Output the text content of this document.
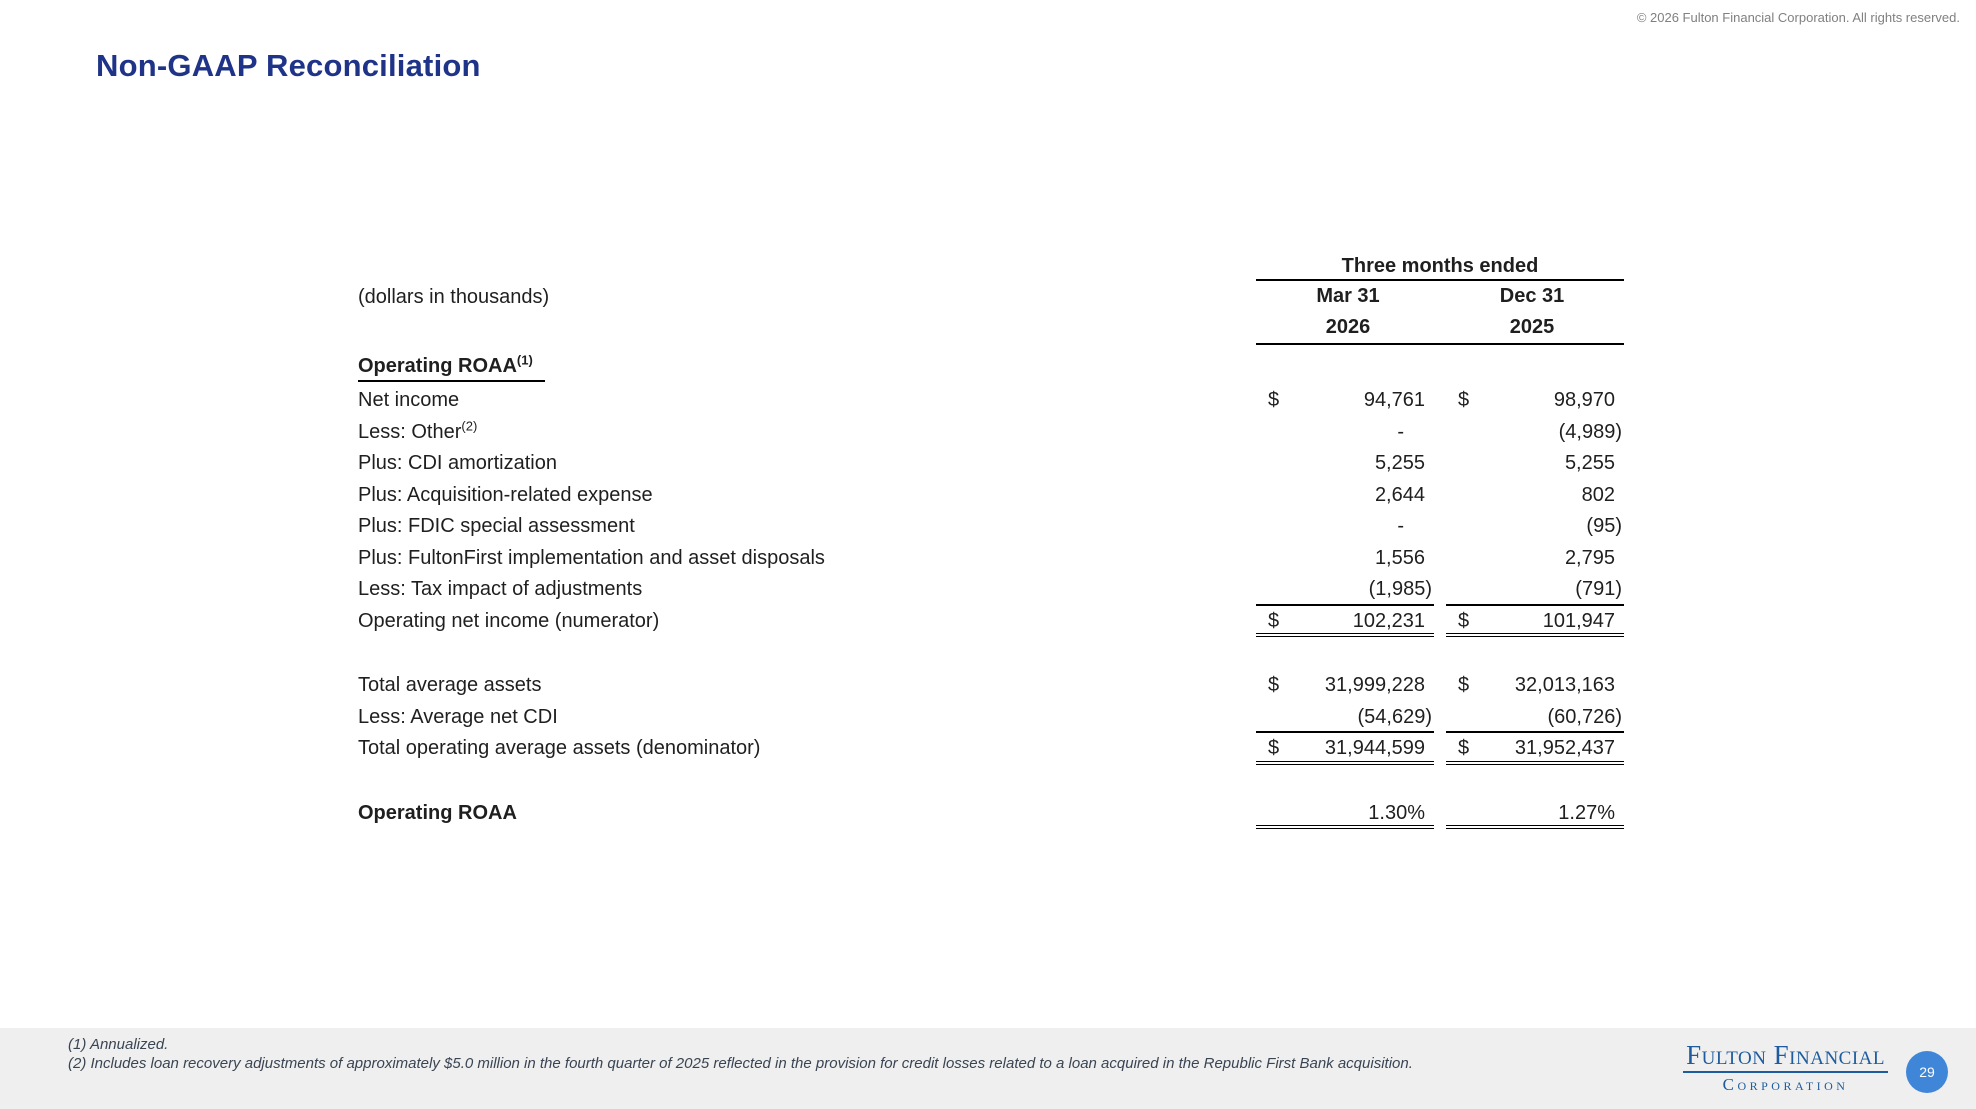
© 2026 Fulton Financial Corporation. All rights reserved.
Non-GAAP Reconciliation
(dollars in thousands)
Three months ended
Mar 31	Dec 31
2026	2025
Operating ROAA$^{(1)}$
Net income	$	94,761	$	98,970
Less: Other$^{(2)}$	-	(4,989)
Plus: CDI amortization	5,255	5,255
Plus: Acquisition-related expense	2,644	802
Plus: FDIC special assessment	-	(95)
Plus: FultonFirst implementation and asset disposals	1,556	2,795
Less: Tax impact of adjustments	(1,985)	(791)
Operating net income (numerator)	$	102,231	$	101,947
Total average assets	$ 31,999,228	$ 32,013,163
Less: Average net CDI	(54,629)	(60,726)
Total operating average assets (denominator)	$ 31,944,599	$ 31,952,437
Operating ROAA	1.30%	1.27%
(1) Annualized.
(2) Includes loan recovery adjustments of approximately $5.0 million in the fourth quarter of 2025 reflected in the provision for credit losses related to a loan acquired in the Republic First Bank acquisition.	Fulton Financial
Corporation
29
